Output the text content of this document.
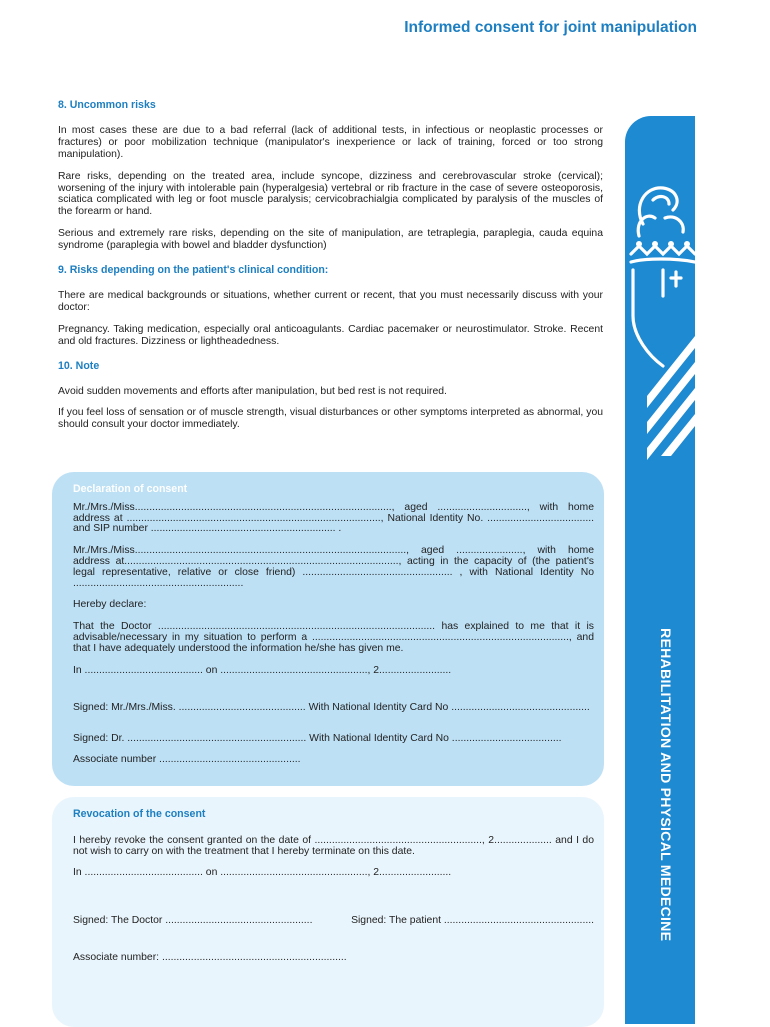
Informed consent for joint manipulation
8. Uncommon risks

In most cases these are due to a bad referral (lack of additional tests, in infectious or neoplastic processes or fractures) or poor mobilization technique (manipulator's inexperience or lack of training, forced or too strong manipulation).

Rare risks, depending on the treated area, include syncope, dizziness and cerebrovascular stroke (cervical); worsening of the injury with intolerable pain (hyperalgesia) vertebral or rib fracture in the case of severe osteoporosis, sciatica complicated with leg or foot muscle paralysis; cervicobrachialgia complicated by paralysis of the muscles of the forearm or hand.

Serious and extremely rare risks, depending on the site of manipulation, are tetraplegia, paraplegia, cauda equina syndrome (paraplegia with bowel and bladder dysfunction)

9. Risks depending on the patient's clinical condition:

There are medical backgrounds or situations, whether current or recent, that you must necessarily discuss with your doctor:

Pregnancy. Taking medication, especially oral anticoagulants. Cardiac pacemaker or neurostimulator. Stroke. Recent and old fractures. Dizziness or lightheadedness.

10. Note

Avoid sudden movements and efforts after manipulation, but bed rest is not required.

If you feel loss of sensation or of muscle strength, visual disturbances or other symptoms interpreted as abnormal, you should consult your doctor immediately.

Declaration of consent

Mr./Mrs./Miss........................................................................................., aged ..............................., with home address at ........................................................................................, National Identity No. ..................................... and SIP number ................................................................ .

Mr./Mrs./Miss.............................................................................................., aged ......................., with home address at..............................................................................................., acting in the capacity of (the patient's legal representative, relative or close friend) .................................................... , with National Identity No ...........................................................

Hereby declare:

That the Doctor ................................................................................................ has explained to me that it is advisable/necessary in my situation to perform a ........................................................................................., and that I have adequately understood the information he/she has given me.

In ......................................... on ..................................................., 2.........................

Signed: Mr./Mrs./Miss. ............................................ With National Identity Card No ................................................

Signed: Dr. .............................................................. With National Identity Card No ......................................

Associate number .................................................

Revocation of the consent

I hereby revoke the consent granted on the date of .........................................................., 2.................... and I do not wish to carry on with the treatment that I hereby terminate on this date.

In ......................................... on ..................................................., 2.........................

Signed: The Doctor ...................................................	Signed: The patient ....................................................

Associate number: ................................................................

REHABILITATION AND PHYSICAL MEDECINE
